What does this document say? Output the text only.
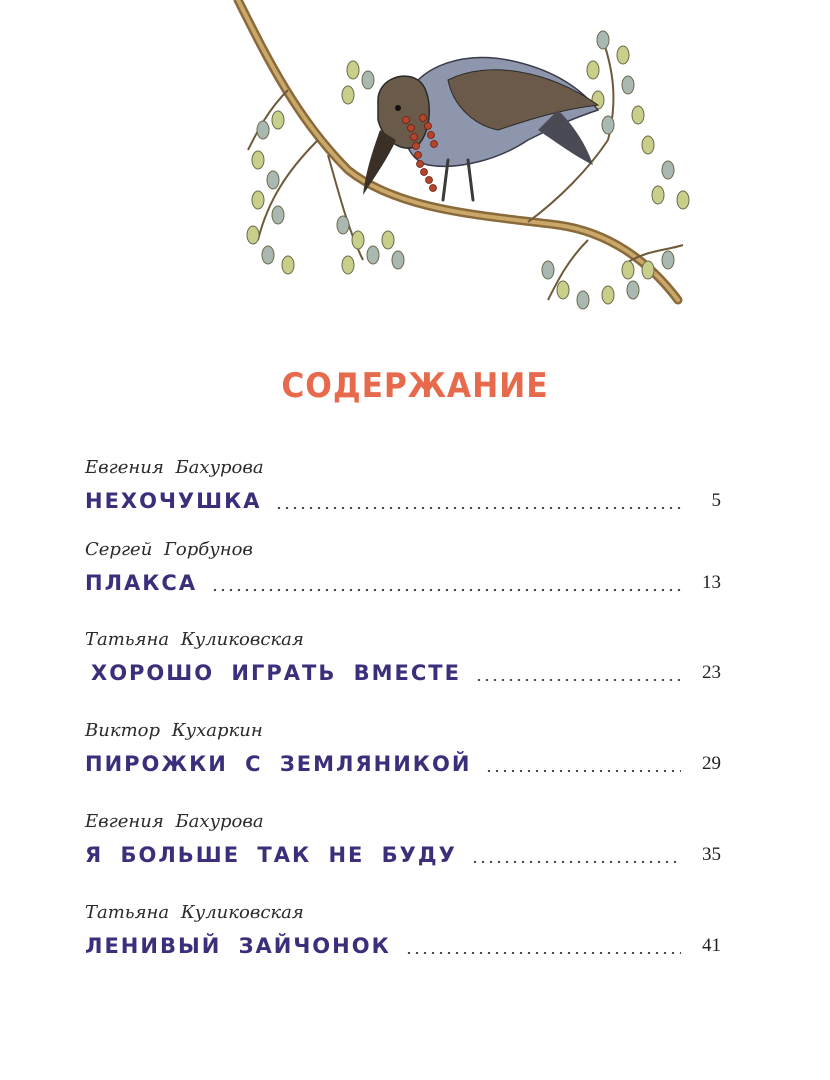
СОДЕРЖАНИЕ
Евгения Бахурова
НЕХОЧУШКА	5
Сергей Горбунов
ПЛАКСА	13
Татьяна Куликовская
ХОРОШО ИГРАТЬ ВМЕСТЕ	23
Виктор Кухаркин
ПИРОЖКИ С ЗЕМЛЯНИКОЙ	29
Евгения Бахурова
Я БОЛЬШЕ ТАК НЕ БУДУ	35
Татьяна Куликовская
ЛЕНИВЫЙ ЗАЙЧОНОК	41
